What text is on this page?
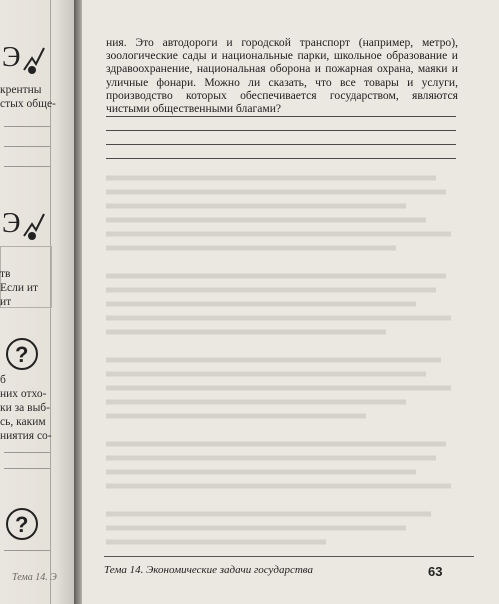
Э
крентны
стых обще-
Э
тв
Если ит
ит
?
б
них отхо-
ки за выб-
сь, каким
ниятия со-
?
Тема 14. Э
ния. Это автодороги и городской транспорт (например, метро), зоологические сады и национальные парки, школьное образование и здравоохранение, национальная оборона и пожарная охрана, маяки и уличные фонари. Можно ли сказать, что все товары и услуги, производство которых обеспечивается государством, являются чистыми общественными благами?
Тема 14. Экономические задачи государства	63
